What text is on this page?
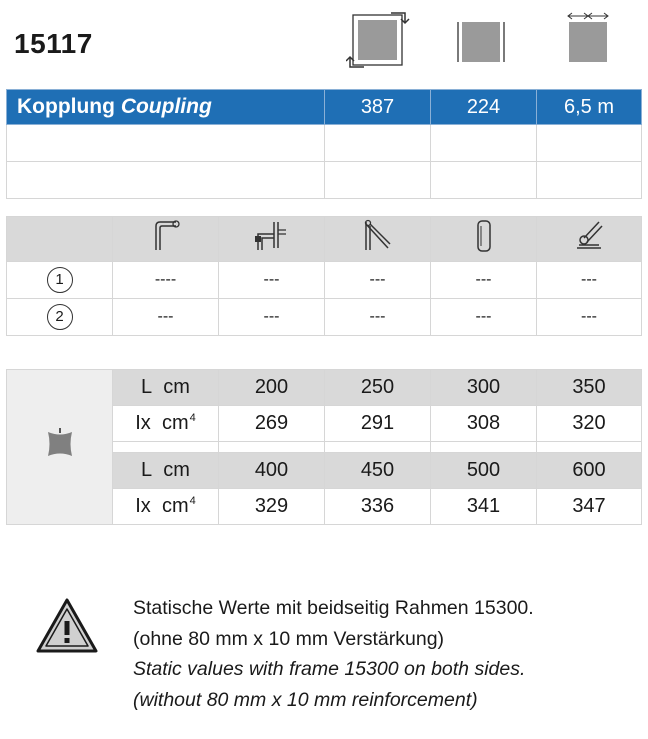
15117
Kopplung Coupling	387	224	6,5 m

1	----	---	---	---	---
2	---	---	---	---	---
	L cm	200	250	300	350
	Ix $cm^4$	269	291	308	320

	L cm	400	450	500	600
	Ix $cm^4$	329	336	341	347
Statische Werte mit beidseitig Rahmen 15300.
(ohne 80 mm x 10 mm Verstärkung)
Static values with frame 15300 on both sides.
(without 80 mm x 10 mm reinforcement)
